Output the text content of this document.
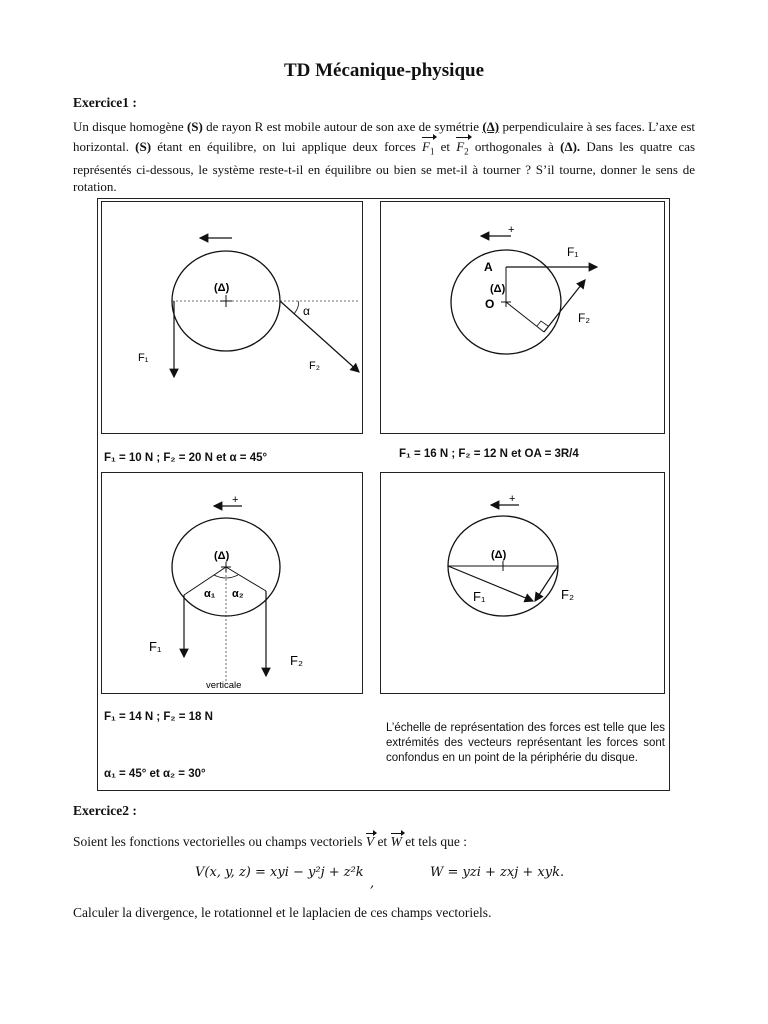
TD Mécanique-physique
Exercice1 :
Un disque homogène (S) de rayon R est mobile autour de son axe de symétrie (Δ) perpendiculaire à ses faces. L’axe est horizontal. (S) étant en équilibre, on lui applique deux forces $F_1$ et $F_2$ orthogonales à (Δ). Dans les quatre cas représentés ci-dessous, le système reste-t-il en équilibre ou bien se met-il à tourner ? S’il tourne, donner le sens de rotation.
(Δ)
α
F₁
F₂
F₁ = 10 N ; F₂ = 20 N et α = 45°
+
A
O
(Δ)
F₁
F₂
F₁ = 16 N ; F₂ = 12 N et OA = 3R/4
+
(Δ)
α₁ α₂
F₁
F₂
verticale
F₁ = 14 N ; F₂ = 18 N
α₁ = 45° et α₂ = 30°
+
(Δ)
F₁	F₂
L’échelle de représentation des forces est telle que les extrémités des vecteurs représentant les forces sont confondus en un point de la périphérie du disque.
Exercice2 :
Soient les fonctions vectorielles ou champs vectoriels V et W et tels que :
V(x, y, z) = xyi − y²j + z²k
,
W = yzi + zxj + xyk.
Calculer la divergence, le rotationnel et le laplacien de ces champs vectoriels.
